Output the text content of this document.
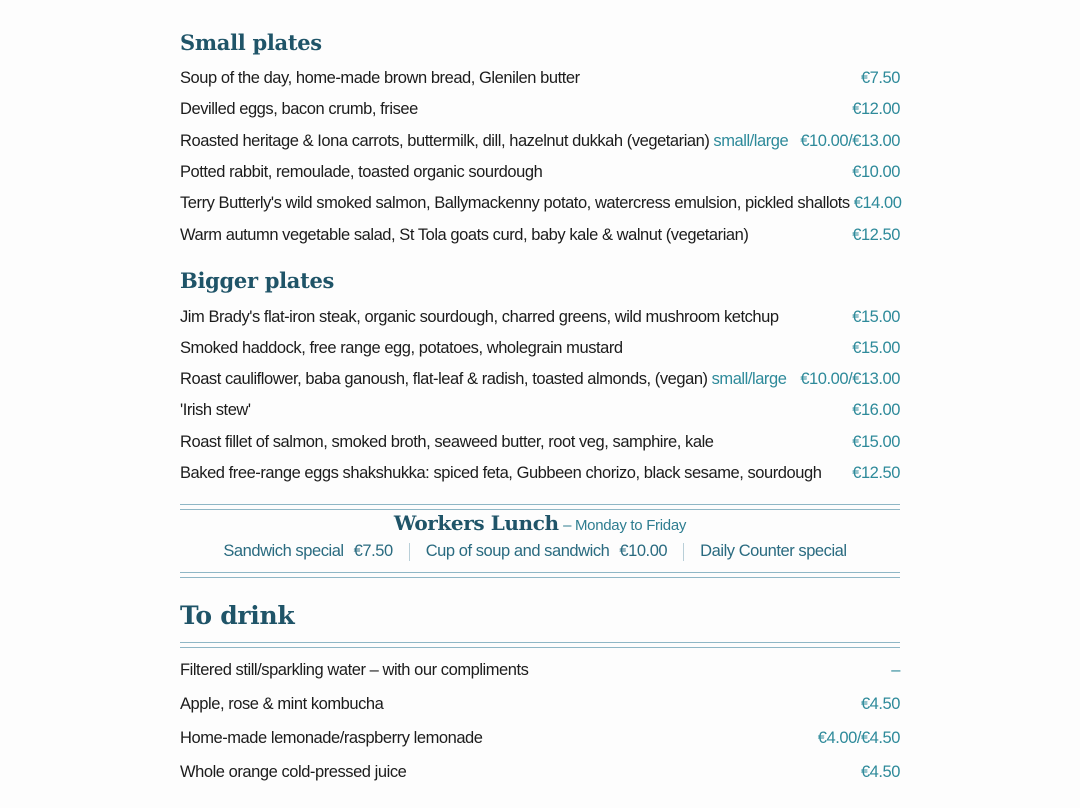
Small plates
Soup of the day, home-made brown bread, Glenilen butter	€7.50
Devilled eggs, bacon crumb, frisee	€12.00
Roasted heritage & Iona carrots, buttermilk, dill, hazelnut dukkah (vegetarian) small/large €10.00/€13.00
Potted rabbit, remoulade, toasted organic sourdough	€10.00
Terry Butterly's wild smoked salmon, Ballymackenny potato, watercress emulsion, pickled shallots €14.00
Warm autumn vegetable salad, St Tola goats curd, baby kale & walnut (vegetarian)	€12.50
Bigger plates
Jim Brady's flat-iron steak, organic sourdough, charred greens, wild mushroom ketchup	€15.00
Smoked haddock, free range egg, potatoes, wholegrain mustard	€15.00
Roast cauliflower, baba ganoush, flat-leaf & radish, toasted almonds, (vegan) small/large €10.00/€13.00
'Irish stew'	€16.00
Roast fillet of salmon, smoked broth, seaweed butter, root veg, samphire, kale	€15.00
Baked free-range eggs shakshukka: spiced feta, Gubbeen chorizo, black sesame, sourdough €12.50
Workers Lunch – Monday to Friday
Sandwich special €7.50	Cup of soup and sandwich €10.00	Daily Counter special
To drink
Filtered still/sparkling water – with our compliments	–
Apple, rose & mint kombucha	€4.50
Home-made lemonade/raspberry lemonade	€4.00/€4.50
Whole orange cold-pressed juice	€4.50
